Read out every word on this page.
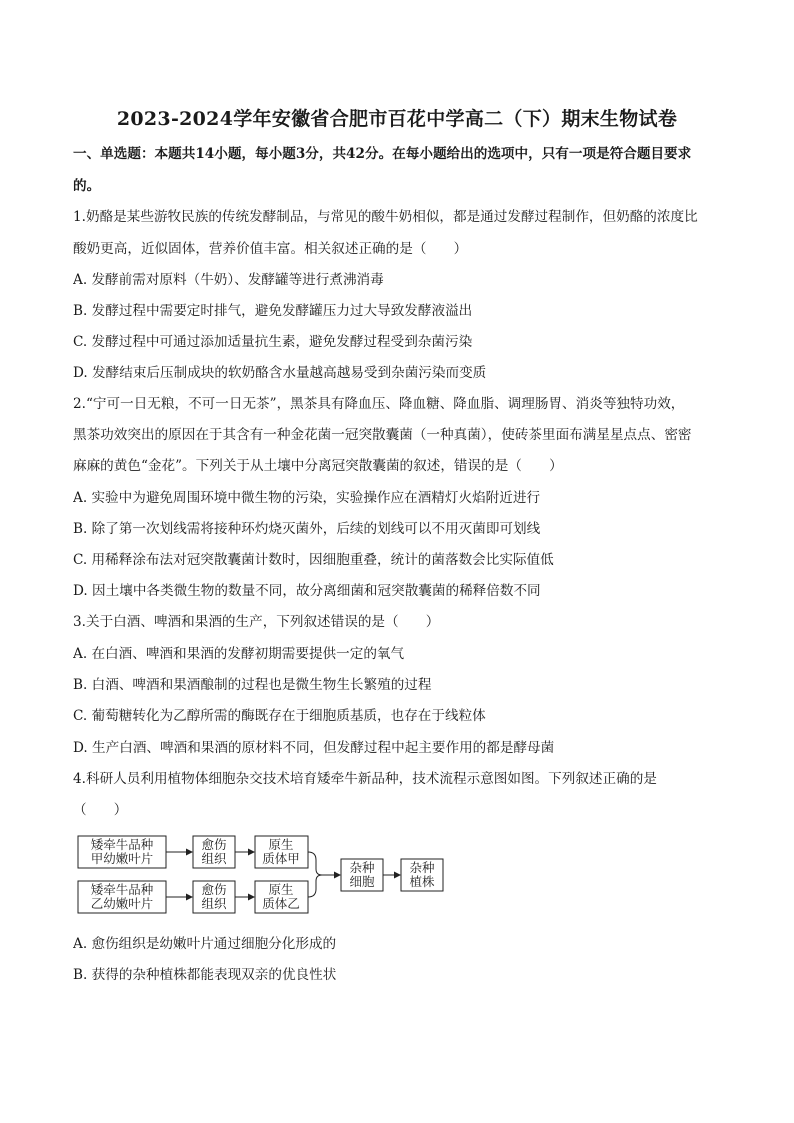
2023-2024学年安徽省合肥市百花中学高二（下）期末生物试卷
一、单选题：本题共14小题，每小题3分，共42分。在每小题给出的选项中，只有一项是符合题目要求
的。
1.奶酪是某些游牧民族的传统发酵制品，与常见的酸牛奶相似，都是通过发酵过程制作，但奶酪的浓度比
酸奶更高，近似固体，营养价值丰富。相关叙述正确的是（　　）
A. 发酵前需对原料（牛奶）、发酵罐等进行煮沸消毒
B. 发酵过程中需要定时排气，避免发酵罐压力过大导致发酵液溢出
C. 发酵过程中可通过添加适量抗生素，避免发酵过程受到杂菌污染
D. 发酵结束后压制成块的软奶酪含水量越高越易受到杂菌污染而变质
2.“宁可一日无粮，不可一日无茶”，黑茶具有降血压、降血糖、降血脂、调理肠胃、消炎等独特功效，
黑茶功效突出的原因在于其含有一种金花菌一冠突散囊菌（一种真菌），使砖茶里面布满星星点点、密密
麻麻的黄色“金花”。下列关于从土壤中分离冠突散囊菌的叙述，错误的是（　　）
A. 实验中为避免周围环境中微生物的污染，实验操作应在酒精灯火焰附近进行
B. 除了第一次划线需将接种环灼烧灭菌外，后续的划线可以不用灭菌即可划线
C. 用稀释涂布法对冠突散囊菌计数时，因细胞重叠，统计的菌落数会比实际值低
D. 因土壤中各类微生物的数量不同，故分离细菌和冠突散囊菌的稀释倍数不同
3.关于白酒、啤酒和果酒的生产，下列叙述错误的是（　　）
A. 在白酒、啤酒和果酒的发酵初期需要提供一定的氧气
B. 白酒、啤酒和果酒酿制的过程也是微生物生长繁殖的过程
C. 葡萄糖转化为乙醇所需的酶既存在于细胞质基质，也存在于线粒体
D. 生产白酒、啤酒和果酒的原材料不同，但发酵过程中起主要作用的都是酵母菌
4.科研人员利用植物体细胞杂交技术培育矮牵牛新品种，技术流程示意图如图。下列叙述正确的是
（　　）
矮牵牛品种
甲幼嫩叶片
愈伤
组织
原生
质体甲
矮牵牛品种
乙幼嫩叶片
愈伤
组织
原生
质体乙
杂种
细胞
杂种
植株
A. 愈伤组织是幼嫩叶片通过细胞分化形成的
B. 获得的杂种植株都能表现双亲的优良性状
